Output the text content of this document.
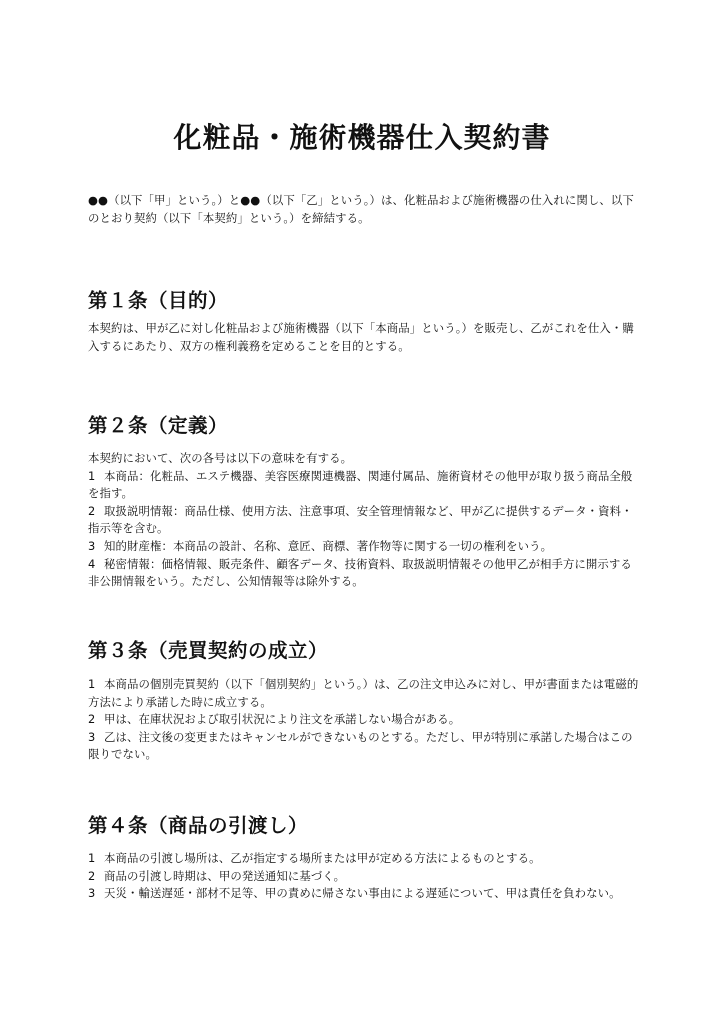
化粧品・施術機器仕入契約書

●●（以下「甲」という。）と●●（以下「乙」という。）は、化粧品および施術機器の仕入れに関し、以下のとおり契約（以下「本契約」という。）を締結する。

第１条（目的）

本契約は、甲が乙に対し化粧品および施術機器（以下「本商品」という。）を販売し、乙がこれを仕入・購入するにあたり、双方の権利義務を定めることを目的とする。

第２条（定義）

本契約において、次の各号は以下の意味を有する。

1 本商品：化粧品、エステ機器、美容医療関連機器、関連付属品、施術資材その他甲が取り扱う商品全般を指す。

2 取扱説明情報：商品仕様、使用方法、注意事項、安全管理情報など、甲が乙に提供するデータ・資料・指示等を含む。

3 知的財産権：本商品の設計、名称、意匠、商標、著作物等に関する一切の権利をいう。

4 秘密情報：価格情報、販売条件、顧客データ、技術資料、取扱説明情報その他甲乙が相手方に開示する非公開情報をいう。ただし、公知情報等は除外する。

第３条（売買契約の成立）

1 本商品の個別売買契約（以下「個別契約」という。）は、乙の注文申込みに対し、甲が書面または電磁的方法により承諾した時に成立する。

2 甲は、在庫状況および取引状況により注文を承諾しない場合がある。

3 乙は、注文後の変更またはキャンセルができないものとする。ただし、甲が特別に承諾した場合はこの限りでない。

第４条（商品の引渡し）

1 本商品の引渡し場所は、乙が指定する場所または甲が定める方法によるものとする。

2 商品の引渡し時期は、甲の発送通知に基づく。

3 天災・輸送遅延・部材不足等、甲の責めに帰さない事由による遅延について、甲は責任を負わない。
